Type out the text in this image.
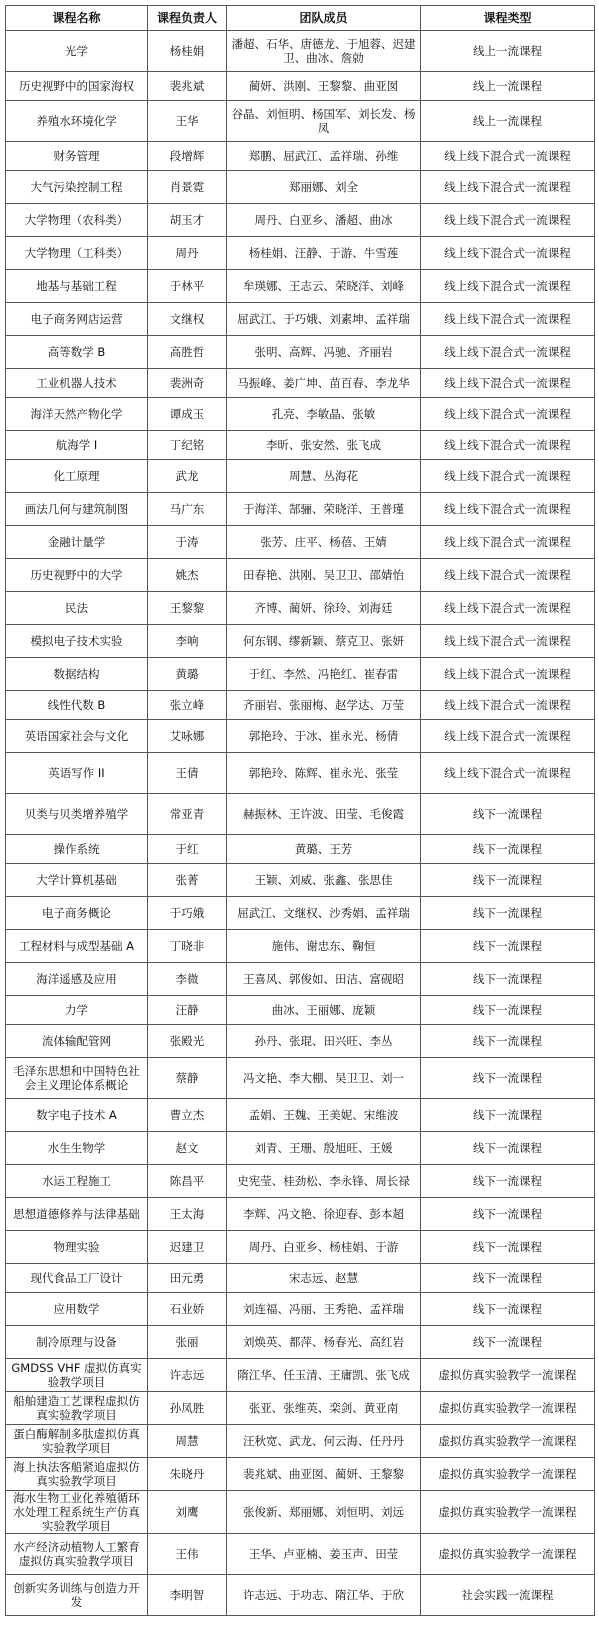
课程名称	课程负责人	团队成员	课程类型
光学	杨桂娟	潘超、石华、唐德龙、于旭蓉、迟建卫、曲冰、詹勍	线上一流课程
历史视野中的国家海权	裴兆斌	蔺妍、洪刚、王黎黎、曲亚囡	线上一流课程
养殖水环境化学	王华	谷晶、刘恒明、杨国军、刘长发、杨凤	线上一流课程
财务管理	段增辉	郑鹏、屈武江、孟祥瑞、孙维	线上线下混合式一流课程
大气污染控制工程	肖景霓	郑丽娜、刘全	线上线下混合式一流课程
大学物理（农科类）	胡玉才	周丹、白亚乡、潘超、曲冰	线上线下混合式一流课程
大学物理（工科类）	周丹	杨桂娟、汪静、于游、牛雪莲	线上线下混合式一流课程
地基与基础工程	于林平	牟瑛娜、王志云、荣晓洋、刘峰	线上线下混合式一流课程
电子商务网店运营	文继权	屈武江、于巧娥、刘素坤、孟祥瑞	线上线下混合式一流课程
高等数学 B	高胜哲	张明、高辉、冯驰、齐丽岩	线上线下混合式一流课程
工业机器人技术	裴洲奇	马振峰、姜广坤、苗百春、李龙华	线上线下混合式一流课程
海洋天然产物化学	谭成玉	孔亮、李敏晶、张敏	线上线下混合式一流课程
航海学 I	丁纪铭	李昕、张安然、张飞成	线上线下混合式一流课程
化工原理	武龙	周慧、丛海花	线上线下混合式一流课程
画法几何与建筑制图	马广东	于海洋、郜骊、荣晓洋、王普瑾	线上线下混合式一流课程
金融计量学	于涛	张芳、庄平、杨蓓、王婧	线上线下混合式一流课程
历史视野中的大学	姚杰	田春艳、洪刚、吴卫卫、邵婧怡	线上线下混合式一流课程
民法	王黎黎	齐博、蔺妍、徐玲、刘海廷	线上线下混合式一流课程
模拟电子技术实验	李响	何东钢、缪新颖、蔡克卫、张妍	线上线下混合式一流课程
数据结构	黄璐	于红、李然、冯艳红、崔春雷	线上线下混合式一流课程
线性代数 B	张立峰	齐丽岩、张丽梅、赵学达、万莹	线上线下混合式一流课程
英语国家社会与文化	艾咏娜	郭艳玲、于冰、崔永光、杨倩	线上线下混合式一流课程
英语写作 II	王倩	郭艳玲、陈辉、崔永光、张莹	线上线下混合式一流课程
贝类与贝类增养殖学	常亚青	赫振林、王许波、田莹、毛俊霞	线下一流课程
操作系统	于红	黄璐、王芳	线下一流课程
大学计算机基础	张菁	王颖、刘威、张鑫、张思佳	线下一流课程
电子商务概论	于巧娥	屈武江、文继权、沙秀娟、孟祥瑞	线下一流课程
工程材料与成型基础 A	丁晓非	施伟、谢忠东、鞠恒	线下一流课程
海洋遥感及应用	李微	王喜风、郭俊如、田洁、富砚昭	线下一流课程
力学	汪静	曲冰、王丽娜、庞颖	线下一流课程
流体输配管网	张殿光	孙丹、张琨、田兴旺、李丛	线下一流课程
毛泽东思想和中国特色社会主义理论体系概论	蔡静	冯文艳、李大棚、吴卫卫、刘一	线下一流课程
数字电子技术 A	曹立杰	孟娟、王魏、王美妮、宋维波	线下一流课程
水生生物学	赵文	刘青、王珊、殷旭旺、王媛	线下一流课程
水运工程施工	陈昌平	史宪莹、桂劲松、李永锋、周长禄	线下一流课程
思想道德修养与法律基础	王太海	李辉、冯文艳、徐迎春、彭本超	线下一流课程
物理实验	迟建卫	周丹、白亚乡、杨桂娟、于游	线下一流课程
现代食品工厂设计	田元勇	宋志远、赵慧	线下一流课程
应用数学	石业娇	刘连福、冯丽、王秀艳、孟祥瑞	线下一流课程
制冷原理与设备	张丽	刘焕英、都萍、杨春光、高红岩	线下一流课程
GMDSS VHF 虚拟仿真实验教学项目	许志远	隋江华、任玉清、王庸凯、张飞成	虚拟仿真实验教学一流课程
船舶建造工艺课程虚拟仿真实验教学项目	孙凤胜	张亚、张维英、栾剑、黄亚南	虚拟仿真实验教学一流课程
蛋白酶解制多肽虚拟仿真实验教学项目	周慧	汪秋宽、武龙、何云海、任丹丹	虚拟仿真实验教学一流课程
海上执法客船紧追虚拟仿真实验教学项目	朱晓丹	裴兆斌、曲亚囡、蔺妍、王黎黎	虚拟仿真实验教学一流课程
海水生物工业化养殖循环水处理工程系统生产仿真实验教学项目	刘鹰	张俊新、郑丽娜、刘恒明、刘远	虚拟仿真实验教学一流课程
水产经济动植物人工繁育虚拟仿真实验教学项目	王伟	王华、卢亚楠、姜玉声、田莹	虚拟仿真实验教学一流课程
创新实务训练与创造力开发	李明智	许志远、于功志、隋江华、于欣	社会实践一流课程
